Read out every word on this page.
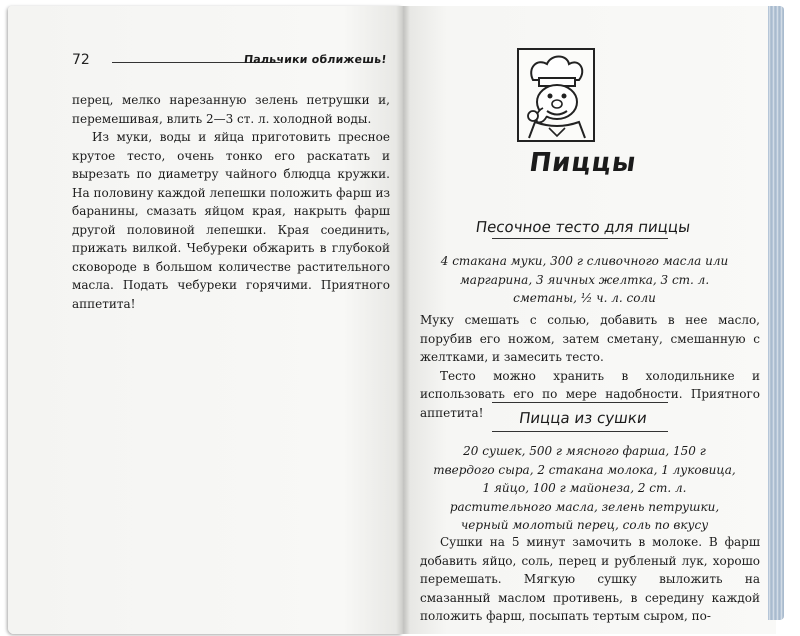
72	Пальчики оближешь!

перец, мелко нарезанную зелень петрушки и, перемешивая, влить 2—3 ст. л. холодной воды.

Из муки, воды и яйца приготовить пресное крутое тесто, очень тонко его раскатать и вырезать по диаметру чайного блюдца кружки. На половину каждой лепешки положить фарш из баранины, смазать яйцом края, накрыть фарш другой половиной лепешки. Края соединить, прижать вилкой. Чебуреки обжарить в глубокой сковороде в большом количестве растительного масла. Подать чебуреки горячими. Приятного аппетита!

Пиццы
Песочное тесто для пиццы
4 стакана муки, 300 г сливочного масла или маргарина, 3 яичных желтка, 3 ст. л. сметаны, ½ ч. л. соли

Муку смешать с солью, добавить в нее масло, порубив его ножом, затем сметану, смешанную с желтками, и замесить тесто.

Тесто можно хранить в холодильнике и использовать его по мере надобности. Приятного аппетита!	Пицца из сушки
20 сушек, 500 г мясного фарша, 150 г твердого сыра, 2 стакана молока, 1 луковица, 1 яйцо, 100 г майонеза, 2 ст. л. растительного масла, зелень петрушки, черный молотый перец, соль по вкусу

Сушки на 5 минут замочить в молоке. В фарш добавить яйцо, соль, перец и рубленый лук, хорошо перемешать. Мягкую сушку выложить на смазанный маслом противень, в середину каждой положить фарш, посыпать тертым сыром, по-
